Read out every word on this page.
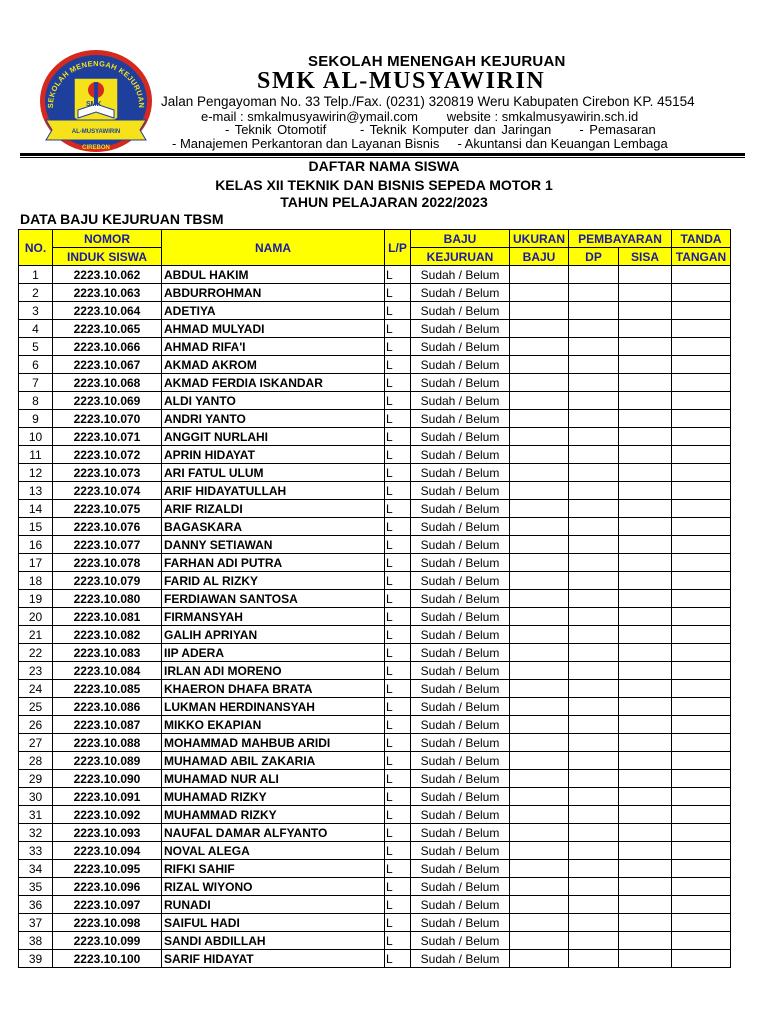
SEKOLAH MENENGAH KEJURUAN
SMK
AL-MUSYAWIRIN
CIREBON
SEKOLAH MENENGAH KEJURUAN
SMK AL-MUSYAWIRIN
Jalan Pengayoman No. 33 Telp./Fax. (0231) 320819 Weru Kabupaten Cirebon KP. 45154
e-mail : smkalmusyawirin@ymail.com        website : smkalmusyawirin.sch.id
- Teknik Otomotif      - Teknik Komputer dan Jaringan     - Pemasaran
- Manajemen Perkantoran dan Layanan Bisnis     - Akuntansi dan Keuangan Lembaga
DAFTAR NAMA SISWA
KELAS XII TEKNIK DAN BISNIS SEPEDA MOTOR 1
TAHUN PELAJARAN 2022/2023
DATA BAJU KEJURUAN TBSM
NO.	NOMOR	NAMA	L/P	BAJU	UKURAN	PEMBAYARAN		TANDA
	INDUK SISWA			KEJURUAN	BAJU	DP	SISA	TANGAN
1	2223.10.062	ABDUL HAKIM	L	Sudah / Belum				
2	2223.10.063	ABDURROHMAN	L	Sudah / Belum				
3	2223.10.064	ADETIYA	L	Sudah / Belum				
4	2223.10.065	AHMAD MULYADI	L	Sudah / Belum				
5	2223.10.066	AHMAD RIFA'I	L	Sudah / Belum				
6	2223.10.067	AKMAD AKROM	L	Sudah / Belum				
7	2223.10.068	AKMAD FERDIA ISKANDAR	L	Sudah / Belum				
8	2223.10.069	ALDI YANTO	L	Sudah / Belum				
9	2223.10.070	ANDRI YANTO	L	Sudah / Belum				
10	2223.10.071	ANGGIT NURLAHI	L	Sudah / Belum				
11	2223.10.072	APRIN HIDAYAT	L	Sudah / Belum				
12	2223.10.073	ARI FATUL ULUM	L	Sudah / Belum				
13	2223.10.074	ARIF HIDAYATULLAH	L	Sudah / Belum				
14	2223.10.075	ARIF RIZALDI	L	Sudah / Belum				
15	2223.10.076	BAGASKARA	L	Sudah / Belum				
16	2223.10.077	DANNY SETIAWAN	L	Sudah / Belum				
17	2223.10.078	FARHAN ADI PUTRA	L	Sudah / Belum				
18	2223.10.079	FARID AL RIZKY	L	Sudah / Belum				
19	2223.10.080	FERDIAWAN SANTOSA	L	Sudah / Belum				
20	2223.10.081	FIRMANSYAH	L	Sudah / Belum				
21	2223.10.082	GALIH APRIYAN	L	Sudah / Belum				
22	2223.10.083	IIP ADERA	L	Sudah / Belum				
23	2223.10.084	IRLAN ADI MORENO	L	Sudah / Belum				
24	2223.10.085	KHAERON DHAFA BRATA	L	Sudah / Belum				
25	2223.10.086	LUKMAN HERDINANSYAH	L	Sudah / Belum				
26	2223.10.087	MIKKO EKAPIAN	L	Sudah / Belum				
27	2223.10.088	MOHAMMAD MAHBUB ARIDI	L	Sudah / Belum				
28	2223.10.089	MUHAMAD ABIL ZAKARIA	L	Sudah / Belum				
29	2223.10.090	MUHAMAD NUR ALI	L	Sudah / Belum				
30	2223.10.091	MUHAMAD RIZKY	L	Sudah / Belum				
31	2223.10.092	MUHAMMAD RIZKY	L	Sudah / Belum				
32	2223.10.093	NAUFAL DAMAR ALFYANTO	L	Sudah / Belum				
33	2223.10.094	NOVAL ALEGA	L	Sudah / Belum				
34	2223.10.095	RIFKI SAHIF	L	Sudah / Belum				
35	2223.10.096	RIZAL WIYONO	L	Sudah / Belum				
36	2223.10.097	RUNADI	L	Sudah / Belum				
37	2223.10.098	SAIFUL HADI	L	Sudah / Belum				
38	2223.10.099	SANDI ABDILLAH	L	Sudah / Belum				
39	2223.10.100	SARIF HIDAYAT	L	Sudah / Belum				
